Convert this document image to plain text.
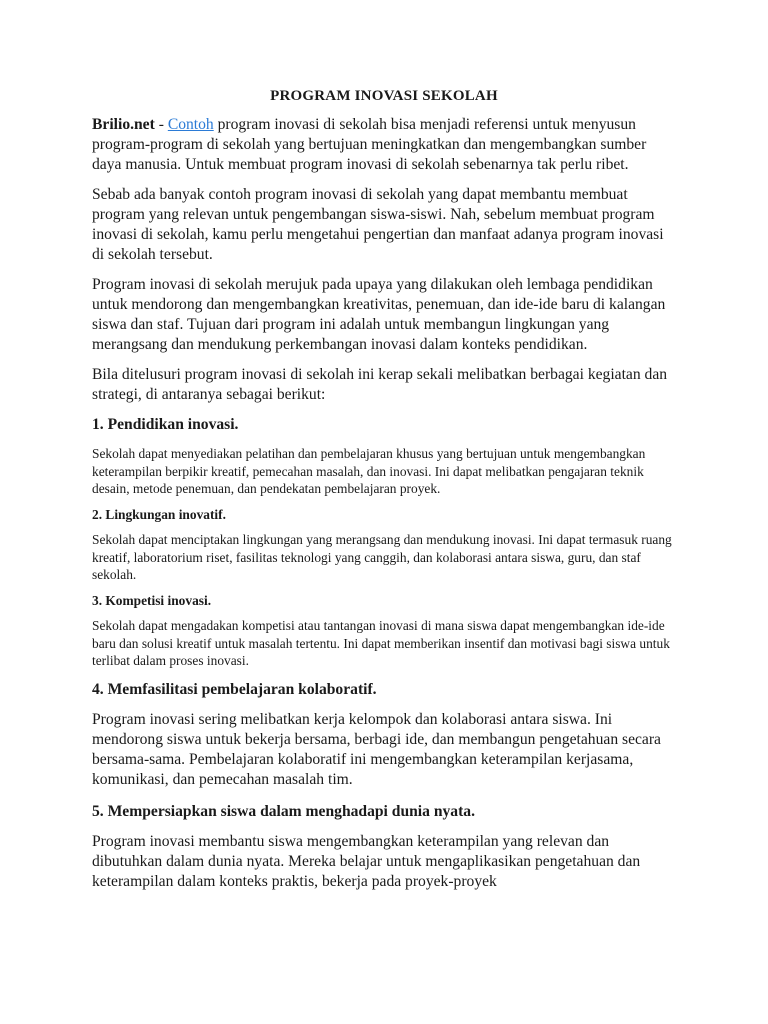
PROGRAM INOVASI SEKOLAH

Brilio.net - Contoh program inovasi di sekolah bisa menjadi referensi untuk menyusun program-program di sekolah yang bertujuan meningkatkan dan mengembangkan sumber daya manusia. Untuk membuat program inovasi di sekolah sebenarnya tak perlu ribet.

Sebab ada banyak contoh program inovasi di sekolah yang dapat membantu membuat program yang relevan untuk pengembangan siswa-siswi. Nah, sebelum membuat program inovasi di sekolah, kamu perlu mengetahui pengertian dan manfaat adanya program inovasi di sekolah tersebut.

Program inovasi di sekolah merujuk pada upaya yang dilakukan oleh lembaga pendidikan untuk mendorong dan mengembangkan kreativitas, penemuan, dan ide-ide baru di kalangan siswa dan staf. Tujuan dari program ini adalah untuk membangun lingkungan yang merangsang dan mendukung perkembangan inovasi dalam konteks pendidikan.

Bila ditelusuri program inovasi di sekolah ini kerap sekali melibatkan berbagai kegiatan dan strategi, di antaranya sebagai berikut:

1. Pendidikan inovasi.

Sekolah dapat menyediakan pelatihan dan pembelajaran khusus yang bertujuan untuk mengembangkan keterampilan berpikir kreatif, pemecahan masalah, dan inovasi. Ini dapat melibatkan pengajaran teknik desain, metode penemuan, dan pendekatan pembelajaran proyek.

2. Lingkungan inovatif.

Sekolah dapat menciptakan lingkungan yang merangsang dan mendukung inovasi. Ini dapat termasuk ruang kreatif, laboratorium riset, fasilitas teknologi yang canggih, dan kolaborasi antara siswa, guru, dan staf sekolah.

3. Kompetisi inovasi.

Sekolah dapat mengadakan kompetisi atau tantangan inovasi di mana siswa dapat mengembangkan ide-ide baru dan solusi kreatif untuk masalah tertentu. Ini dapat memberikan insentif dan motivasi bagi siswa untuk terlibat dalam proses inovasi.

4. Memfasilitasi pembelajaran kolaboratif.

Program inovasi sering melibatkan kerja kelompok dan kolaborasi antara siswa. Ini mendorong siswa untuk bekerja bersama, berbagi ide, dan membangun pengetahuan secara bersama-sama. Pembelajaran kolaboratif ini mengembangkan keterampilan kerjasama, komunikasi, dan pemecahan masalah tim.

5. Mempersiapkan siswa dalam menghadapi dunia nyata.

Program inovasi membantu siswa mengembangkan keterampilan yang relevan dan dibutuhkan dalam dunia nyata. Mereka belajar untuk mengaplikasikan pengetahuan dan keterampilan dalam konteks praktis, bekerja pada proyek-proyek
